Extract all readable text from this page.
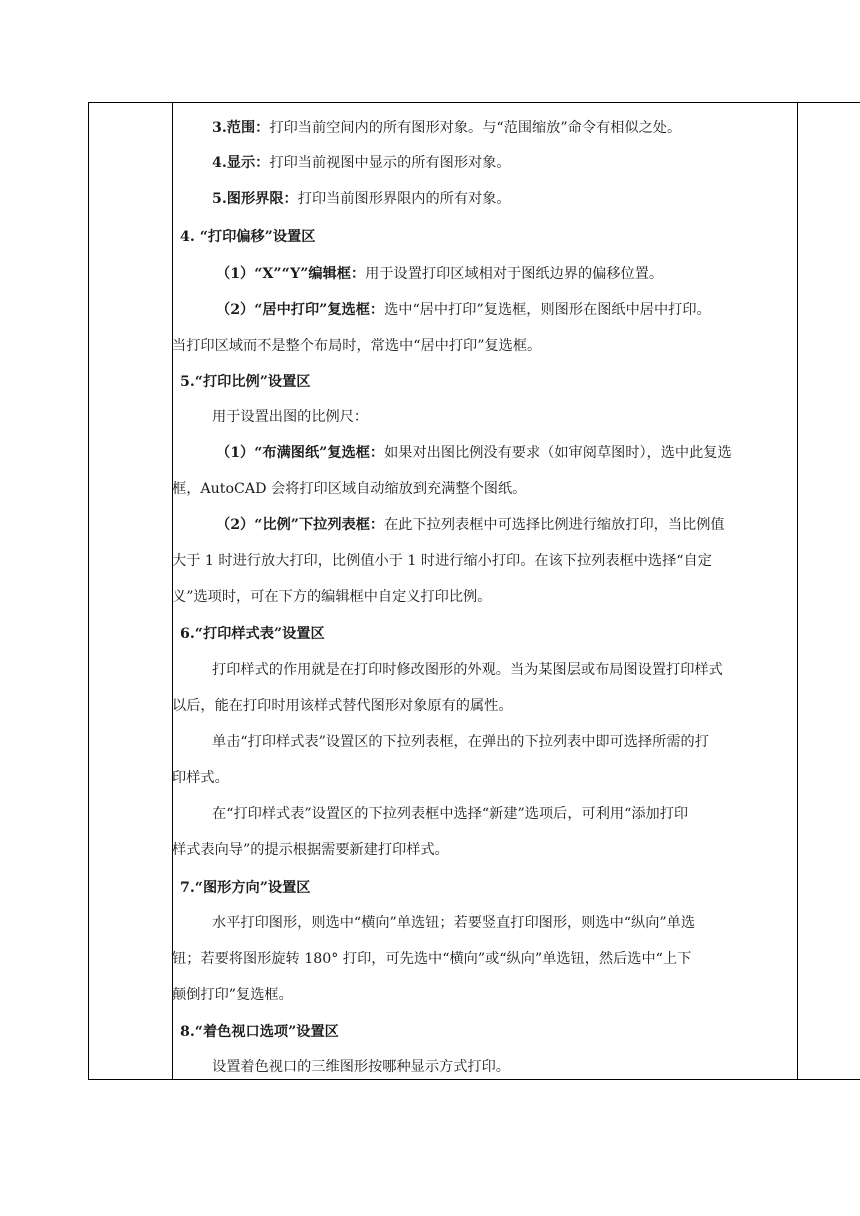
3.范围：打印当前空间内的所有图形对象。与“范围缩放”命令有相似之处。
4.显示：打印当前视图中显示的所有图形对象。
5.图形界限：打印当前图形界限内的所有对象。
4. “打印偏移”设置区
（1）“X”“Y”编辑框：用于设置打印区域相对于图纸边界的偏移位置。
（2）“居中打印”复选框：选中“居中打印”复选框，则图形在图纸中居中打印。
当打印区域而不是整个布局时，常选中“居中打印”复选框。
5.“打印比例”设置区
用于设置出图的比例尺：
（1）“布满图纸”复选框：如果对出图比例没有要求（如审阅草图时），选中此复选
框，AutoCAD 会将打印区域自动缩放到充满整个图纸。
（2）“比例”下拉列表框：在此下拉列表框中可选择比例进行缩放打印，当比例值
大于 1 时进行放大打印，比例值小于 1 时进行缩小打印。在该下拉列表框中选择“自定
义”选项时，可在下方的编辑框中自定义打印比例。
6.“打印样式表”设置区
打印样式的作用就是在打印时修改图形的外观。当为某图层或布局图设置打印样式
以后，能在打印时用该样式替代图形对象原有的属性。
单击“打印样式表”设置区的下拉列表框，在弹出的下拉列表中即可选择所需的打
印样式。
在“打印样式表”设置区的下拉列表框中选择“新建”选项后，可利用“添加打印
样式表向导”的提示根据需要新建打印样式。
7.“图形方向”设置区
水平打印图形，则选中“横向”单选钮；若要竖直打印图形，则选中“纵向”单选
钮；若要将图形旋转 180° 打印，可先选中“横向”或“纵向”单选钮，然后选中“上下
颠倒打印”复选框。
8.“着色视口选项”设置区
设置着色视口的三维图形按哪种显示方式打印。
